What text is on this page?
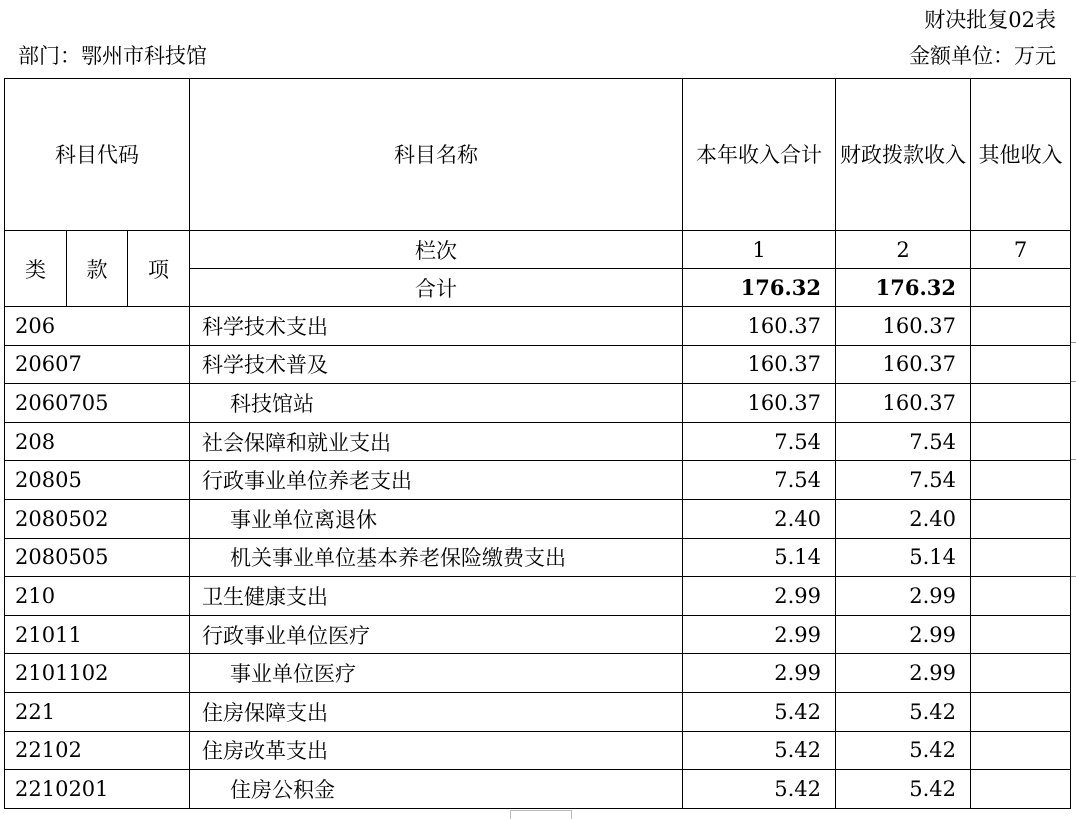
财决批复02表
部门：鄂州市科技馆	金额单位：万元
科目代码			科目名称	本年收入合计	财政拨款收入	其他收入
类	款	项	栏次	1	2	7
			合计	176.32	176.32	
206			科学技术支出	160.37	160.37	
20607			科学技术普及	160.37	160.37	
2060705			科技馆站	160.37	160.37	
208			社会保障和就业支出	7.54	7.54	
20805			行政事业单位养老支出	7.54	7.54	
2080502			事业单位离退休	2.40	2.40	
2080505			机关事业单位基本养老保险缴费支出	5.14	5.14	
210			卫生健康支出	2.99	2.99	
21011			行政事业单位医疗	2.99	2.99	
2101102			事业单位医疗	2.99	2.99	
221			住房保障支出	5.42	5.42	
22102			住房改革支出	5.42	5.42	
2210201			住房公积金	5.42	5.42	
